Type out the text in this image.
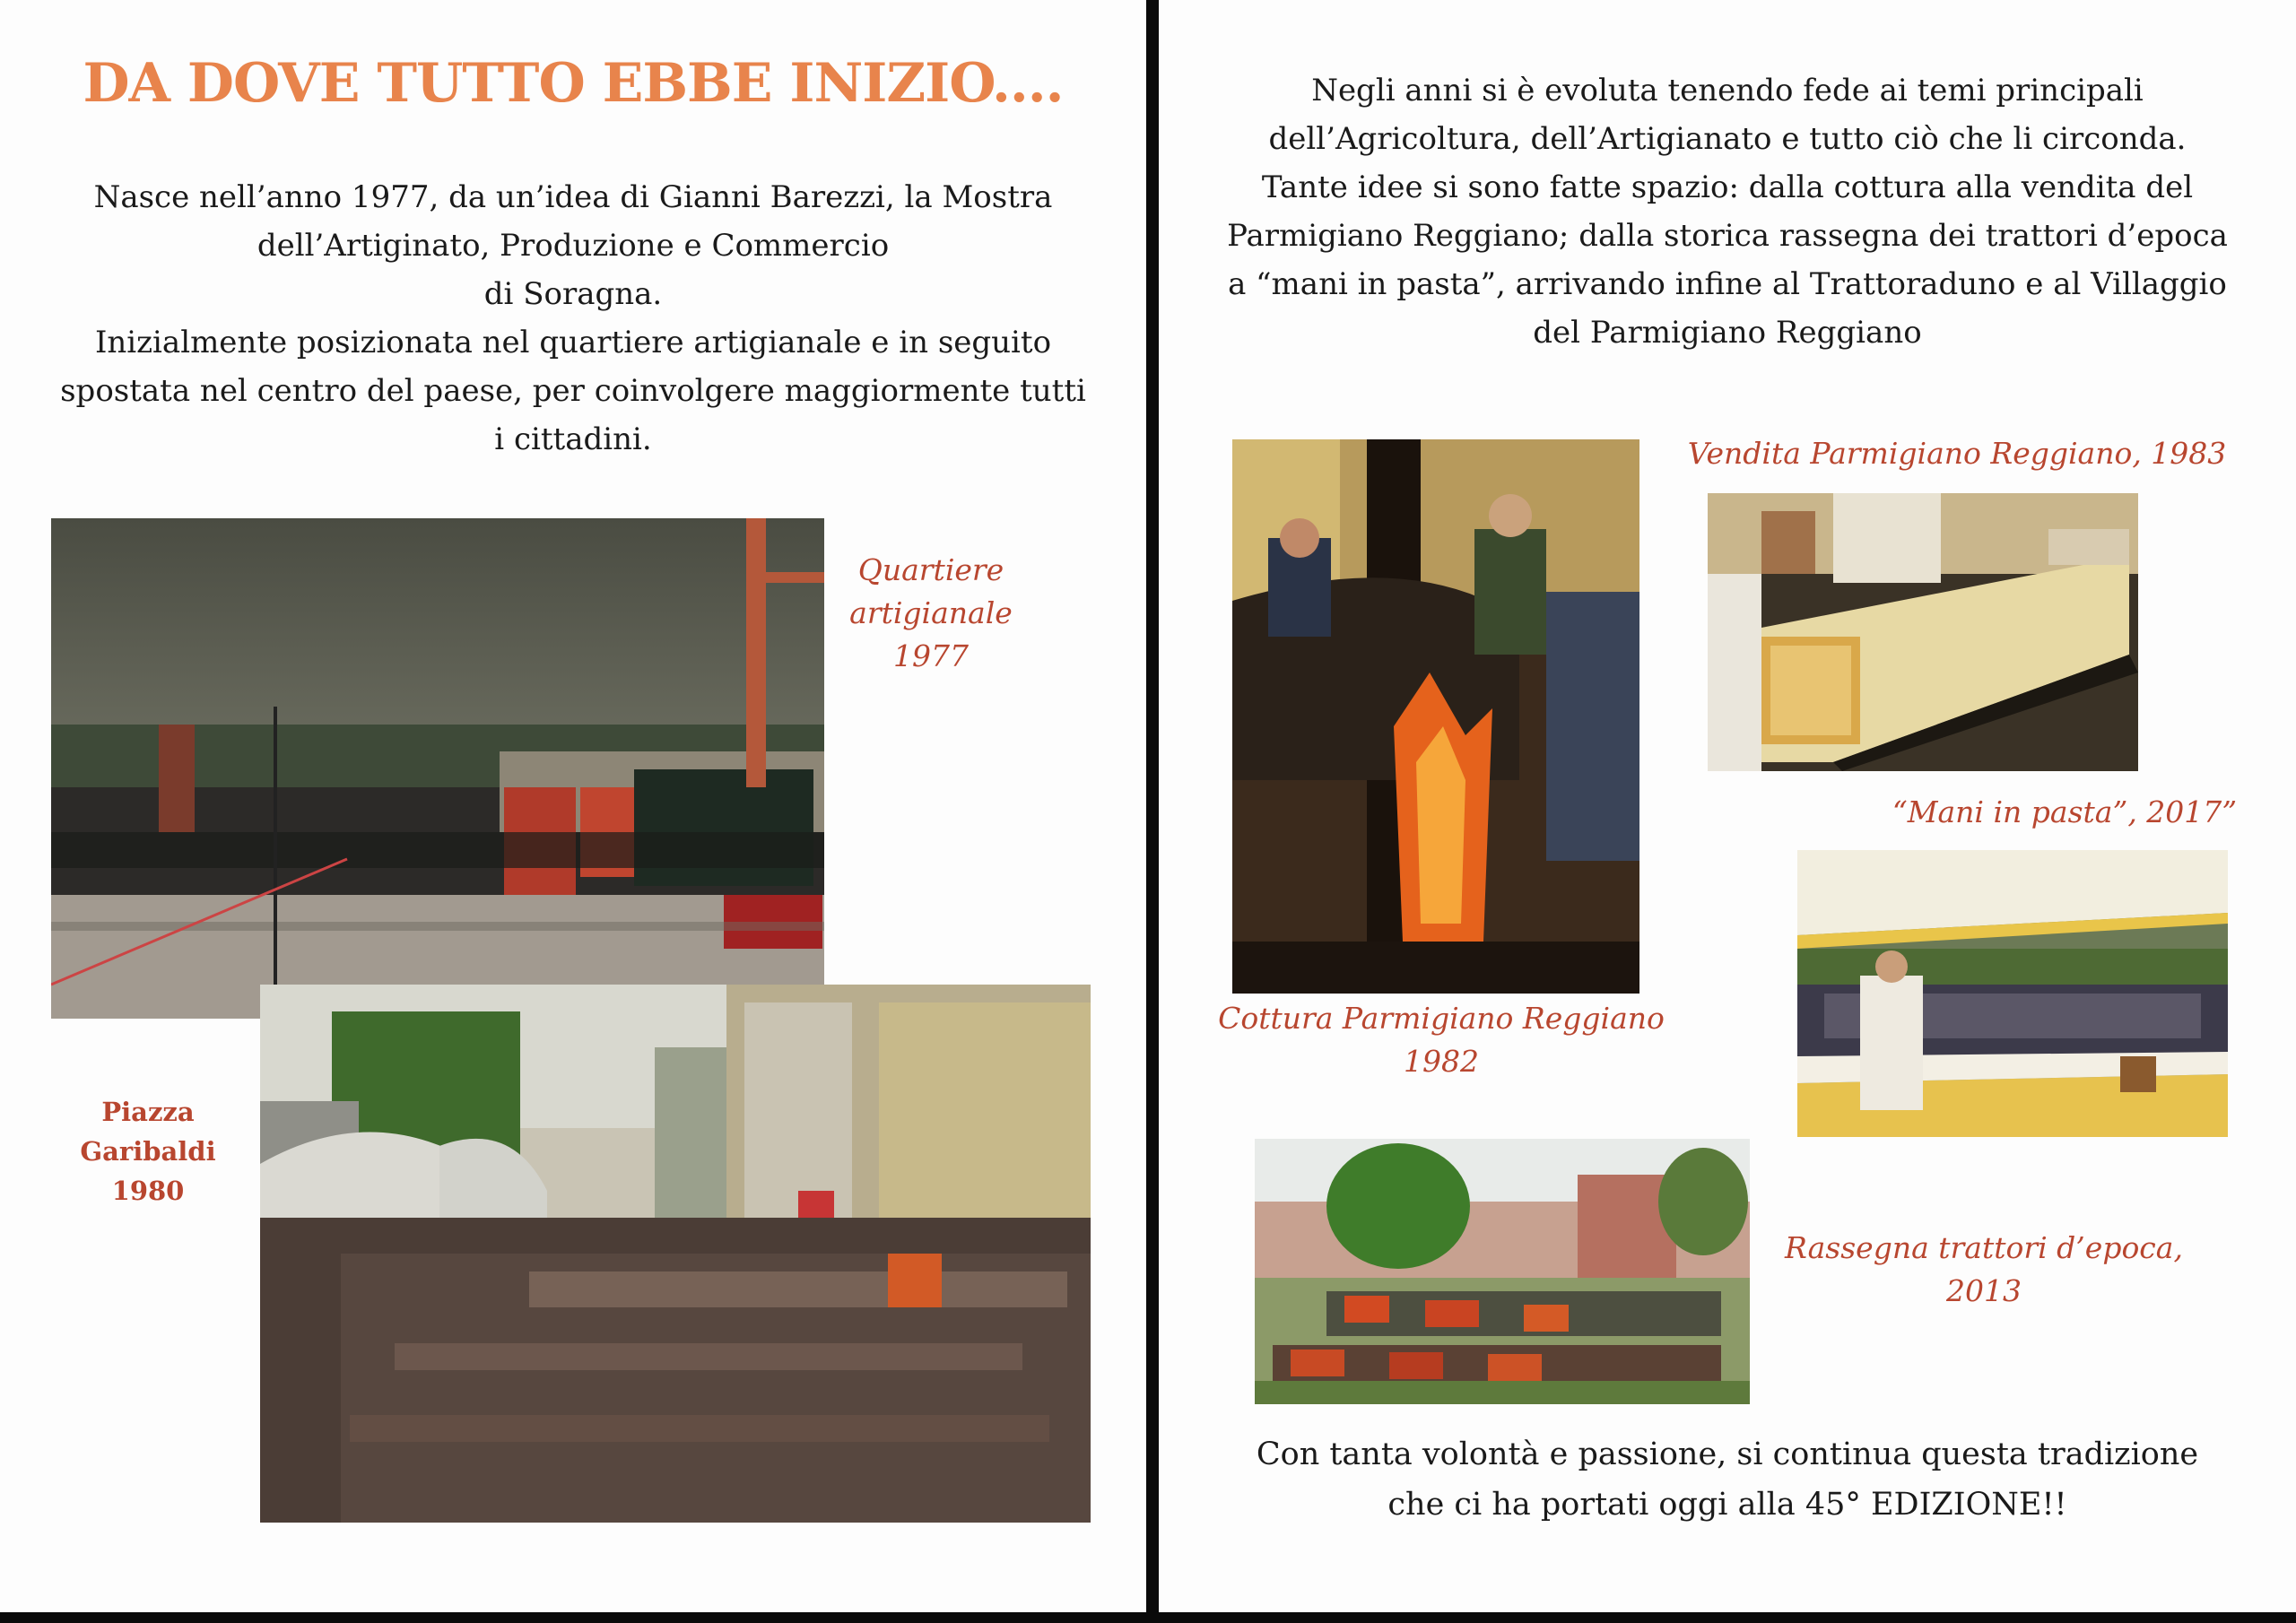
DA DOVE TUTTO EBBE INIZIO....
Nasce nell’anno 1977, da un’idea di Gianni Barezzi, la Mostra
dell’Artiginato, Produzione e Commercio
di Soragna.
Inizialmente posizionata nel quartiere artigianale e in seguito
spostata nel centro del paese, per coinvolgere maggiormente tutti
i cittadini.
Quartiere
artigianale
1977
Piazza
Garibaldi
1980
Negli anni si è evoluta tenendo fede ai temi principali
dell’Agricoltura, dell’Artigianato e tutto ciò che li circonda.
Tante idee si sono fatte spazio: dalla cottura alla vendita del
Parmigiano Reggiano; dalla storica rassegna dei trattori d’epoca
a “mani in pasta”, arrivando infine al Trattoraduno e al Villaggio
del Parmigiano Reggiano
Cottura Parmigiano Reggiano
1982
Vendita Parmigiano Reggiano, 1983
“Mani in pasta”, 2017”
Rassegna trattori d’epoca,
2013
Con tanta volontà e passione, si continua questa tradizione
che ci ha portati oggi alla 45° EDIZIONE!!
